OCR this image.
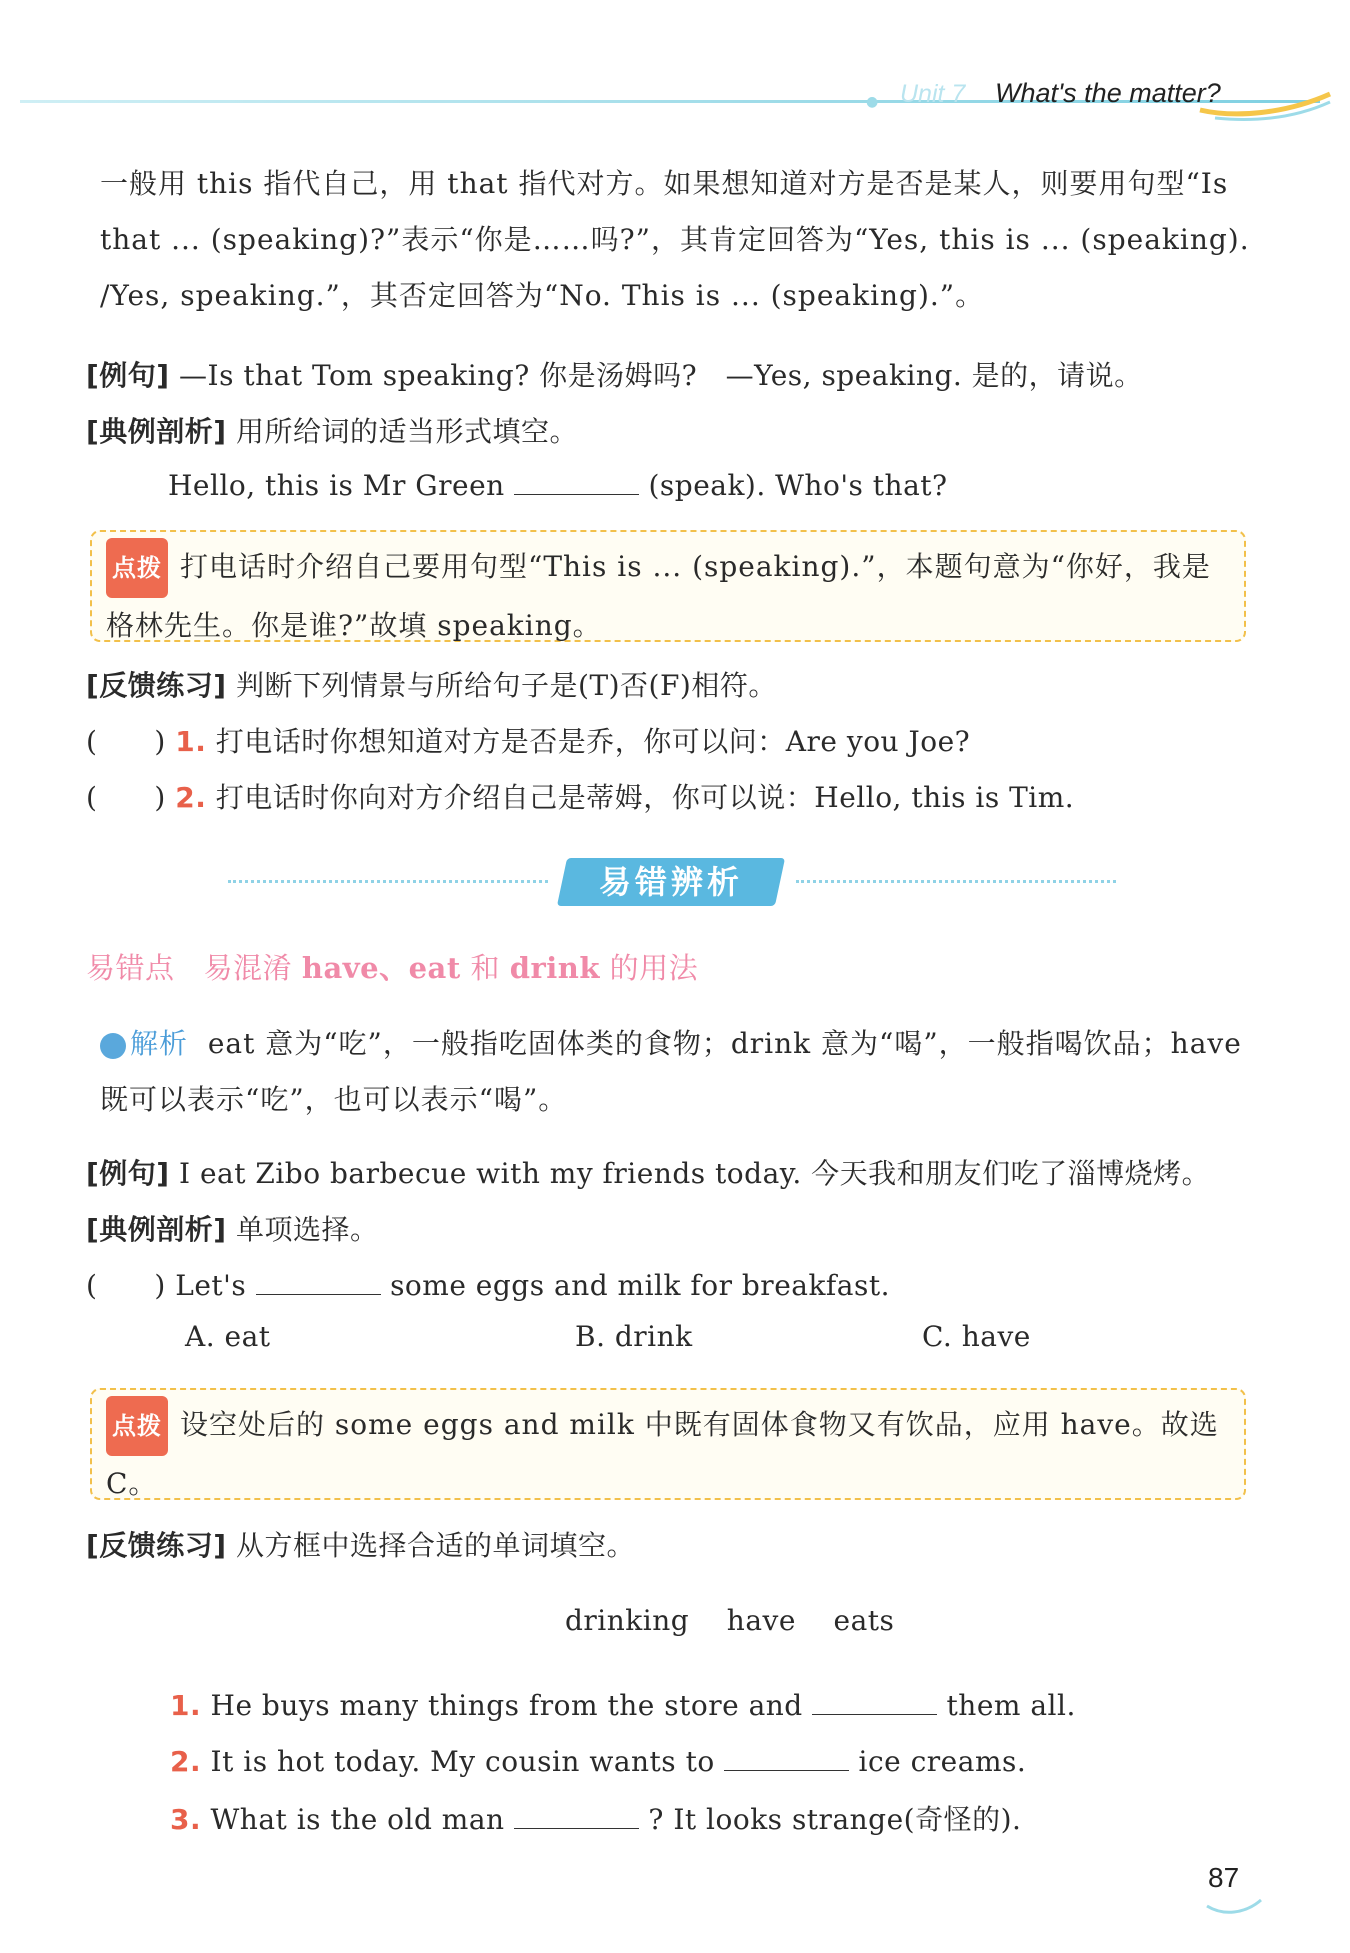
● Unit 7 What's the matter?
一般用 this 指代自己，用 that 指代对方。如果想知道对方是否是某人，则要用句型“Is that ... (speaking)?”表示“你是……吗?”，其肯定回答为“Yes, this is ... (speaking). /Yes, speaking.”，其否定回答为“No. This is ... (speaking).”。
[例句] —Is that Tom speaking? 你是汤姆吗?　—Yes, speaking. 是的，请说。
[典例剖析] 用所给词的适当形式填空。
Hello, this is Mr Green	(speak). Who's that?
点拨 打电话时介绍自己要用句型“This is ... (speaking).”，本题句意为“你好，我是格林先生。你是谁?”故填 speaking。
[反馈练习] 判断下列情景与所给句子是(T)否(F)相符。
(　　) 1. 打电话时你想知道对方是否是乔，你可以问：Are you Joe?
(　　) 2. 打电话时你向对方介绍自己是蒂姆，你可以说：Hello, this is Tim.
易错辨析
易错点 易混淆 have、eat 和 drink 的用法
解析 eat 意为“吃”，一般指吃固体类的食物；drink 意为“喝”，一般指喝饮品；have 既可以表示“吃”，也可以表示“喝”。
[例句] I eat Zibo barbecue with my friends today. 今天我和朋友们吃了淄博烧烤。
[典例剖析] 单项选择。
(　　) Let's	some eggs and milk for breakfast.
A. eat	B. drink	C. have
点拨 设空处后的 some eggs and milk 中既有固体食物又有饮品，应用 have。故选 C。
[反馈练习] 从方框中选择合适的单词填空。
drinking have eats
1. He buys many things from the store and	them all.
2. It is hot today. My cousin wants to	ice creams.
3. What is the old man	? It looks strange(奇怪的).
87
